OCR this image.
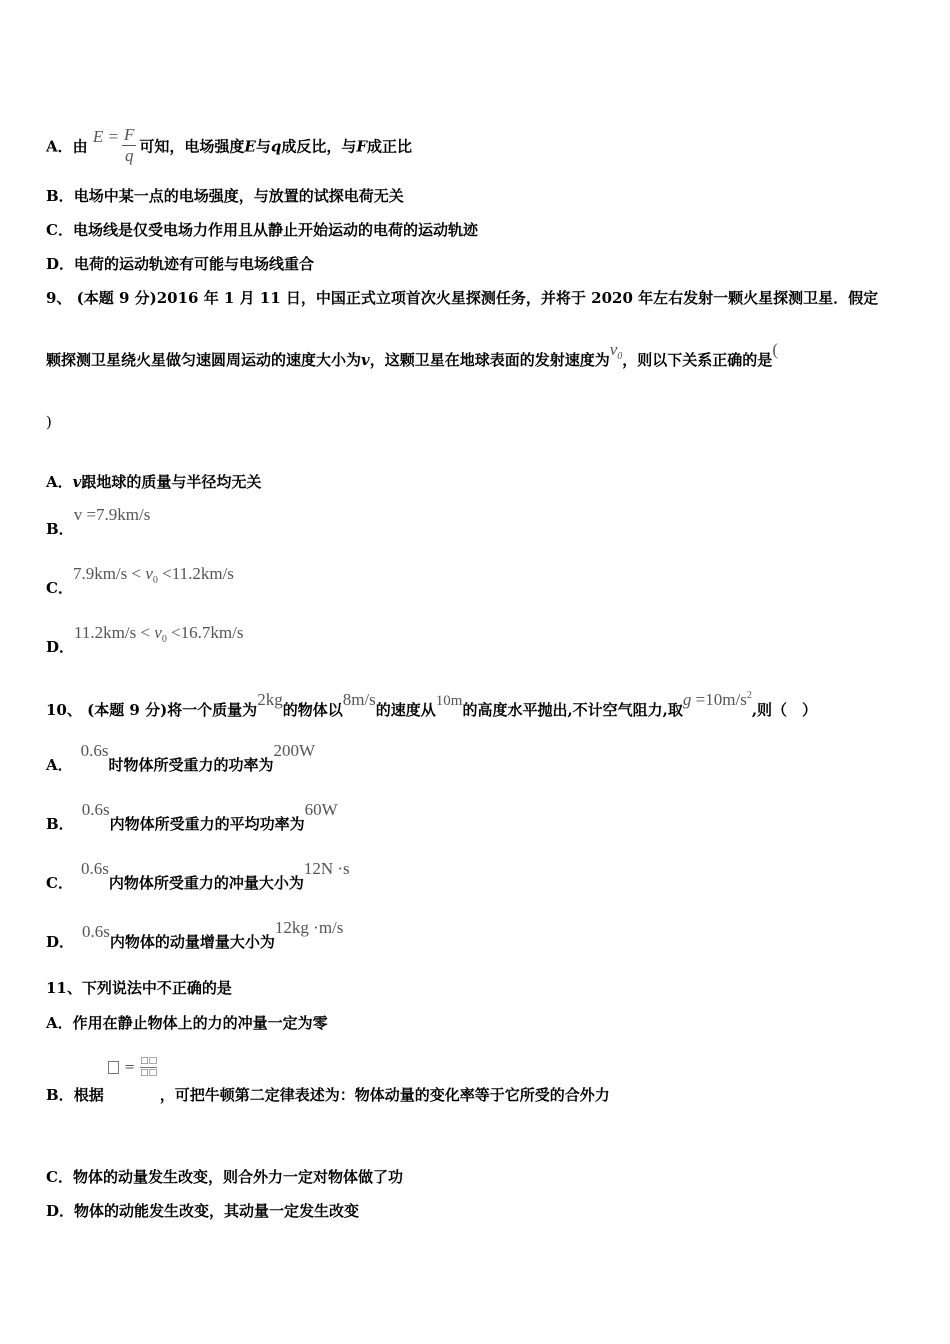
A．由 $E = \frac{F}{q}$ 可知，电场强度E与q成反比，与F成正比
B．电场中某一点的电场强度，与放置的试探电荷无关
C．电场线是仅受电场力作用且从静止开始运动的电荷的运动轨迹
D．电荷的运动轨迹有可能与电场线重合
9、 (本题 9 分)2016 年 1 月 11 日，中国正式立项首次火星探测任务，并将于 2020 年左右发射一颗火星探测卫星．假定
颗探测卫星绕火星做匀速圆周运动的速度大小为v，这颗卫星在地球表面的发射速度为$v_0$，则以下关系正确的是(
)
A．v跟地球的质量与半径均无关
B．v =7.9km/s
C．$7.9km/s < v_0 <11.2km/s$
D．$11.2km/s < v_0 <16.7km/s$
10、 (本题 9 分)将一个质量为2kg的物体以8m/s的速度从10m的高度水平抛出,不计空气阻力,取$g =10m/s^2$,则（　）
A．0.6s时物体所受重力的功率为200W
B．0.6s内物体所受重力的平均功率为60W
C．0.6s内物体所受重力的冲量大小为12N ·s
D．0.6s内物体的动量增量大小为12kg ·m/s
11、下列说法中不正确的是
A．作用在静止物体上的力的冲量一定为零
= □□
□□
B．根据	，可把牛顿第二定律表述为：物体动量的变化率等于它所受的合外力
C．物体的动量发生改变，则合外力一定对物体做了功
D．物体的动能发生改变，其动量一定发生改变
